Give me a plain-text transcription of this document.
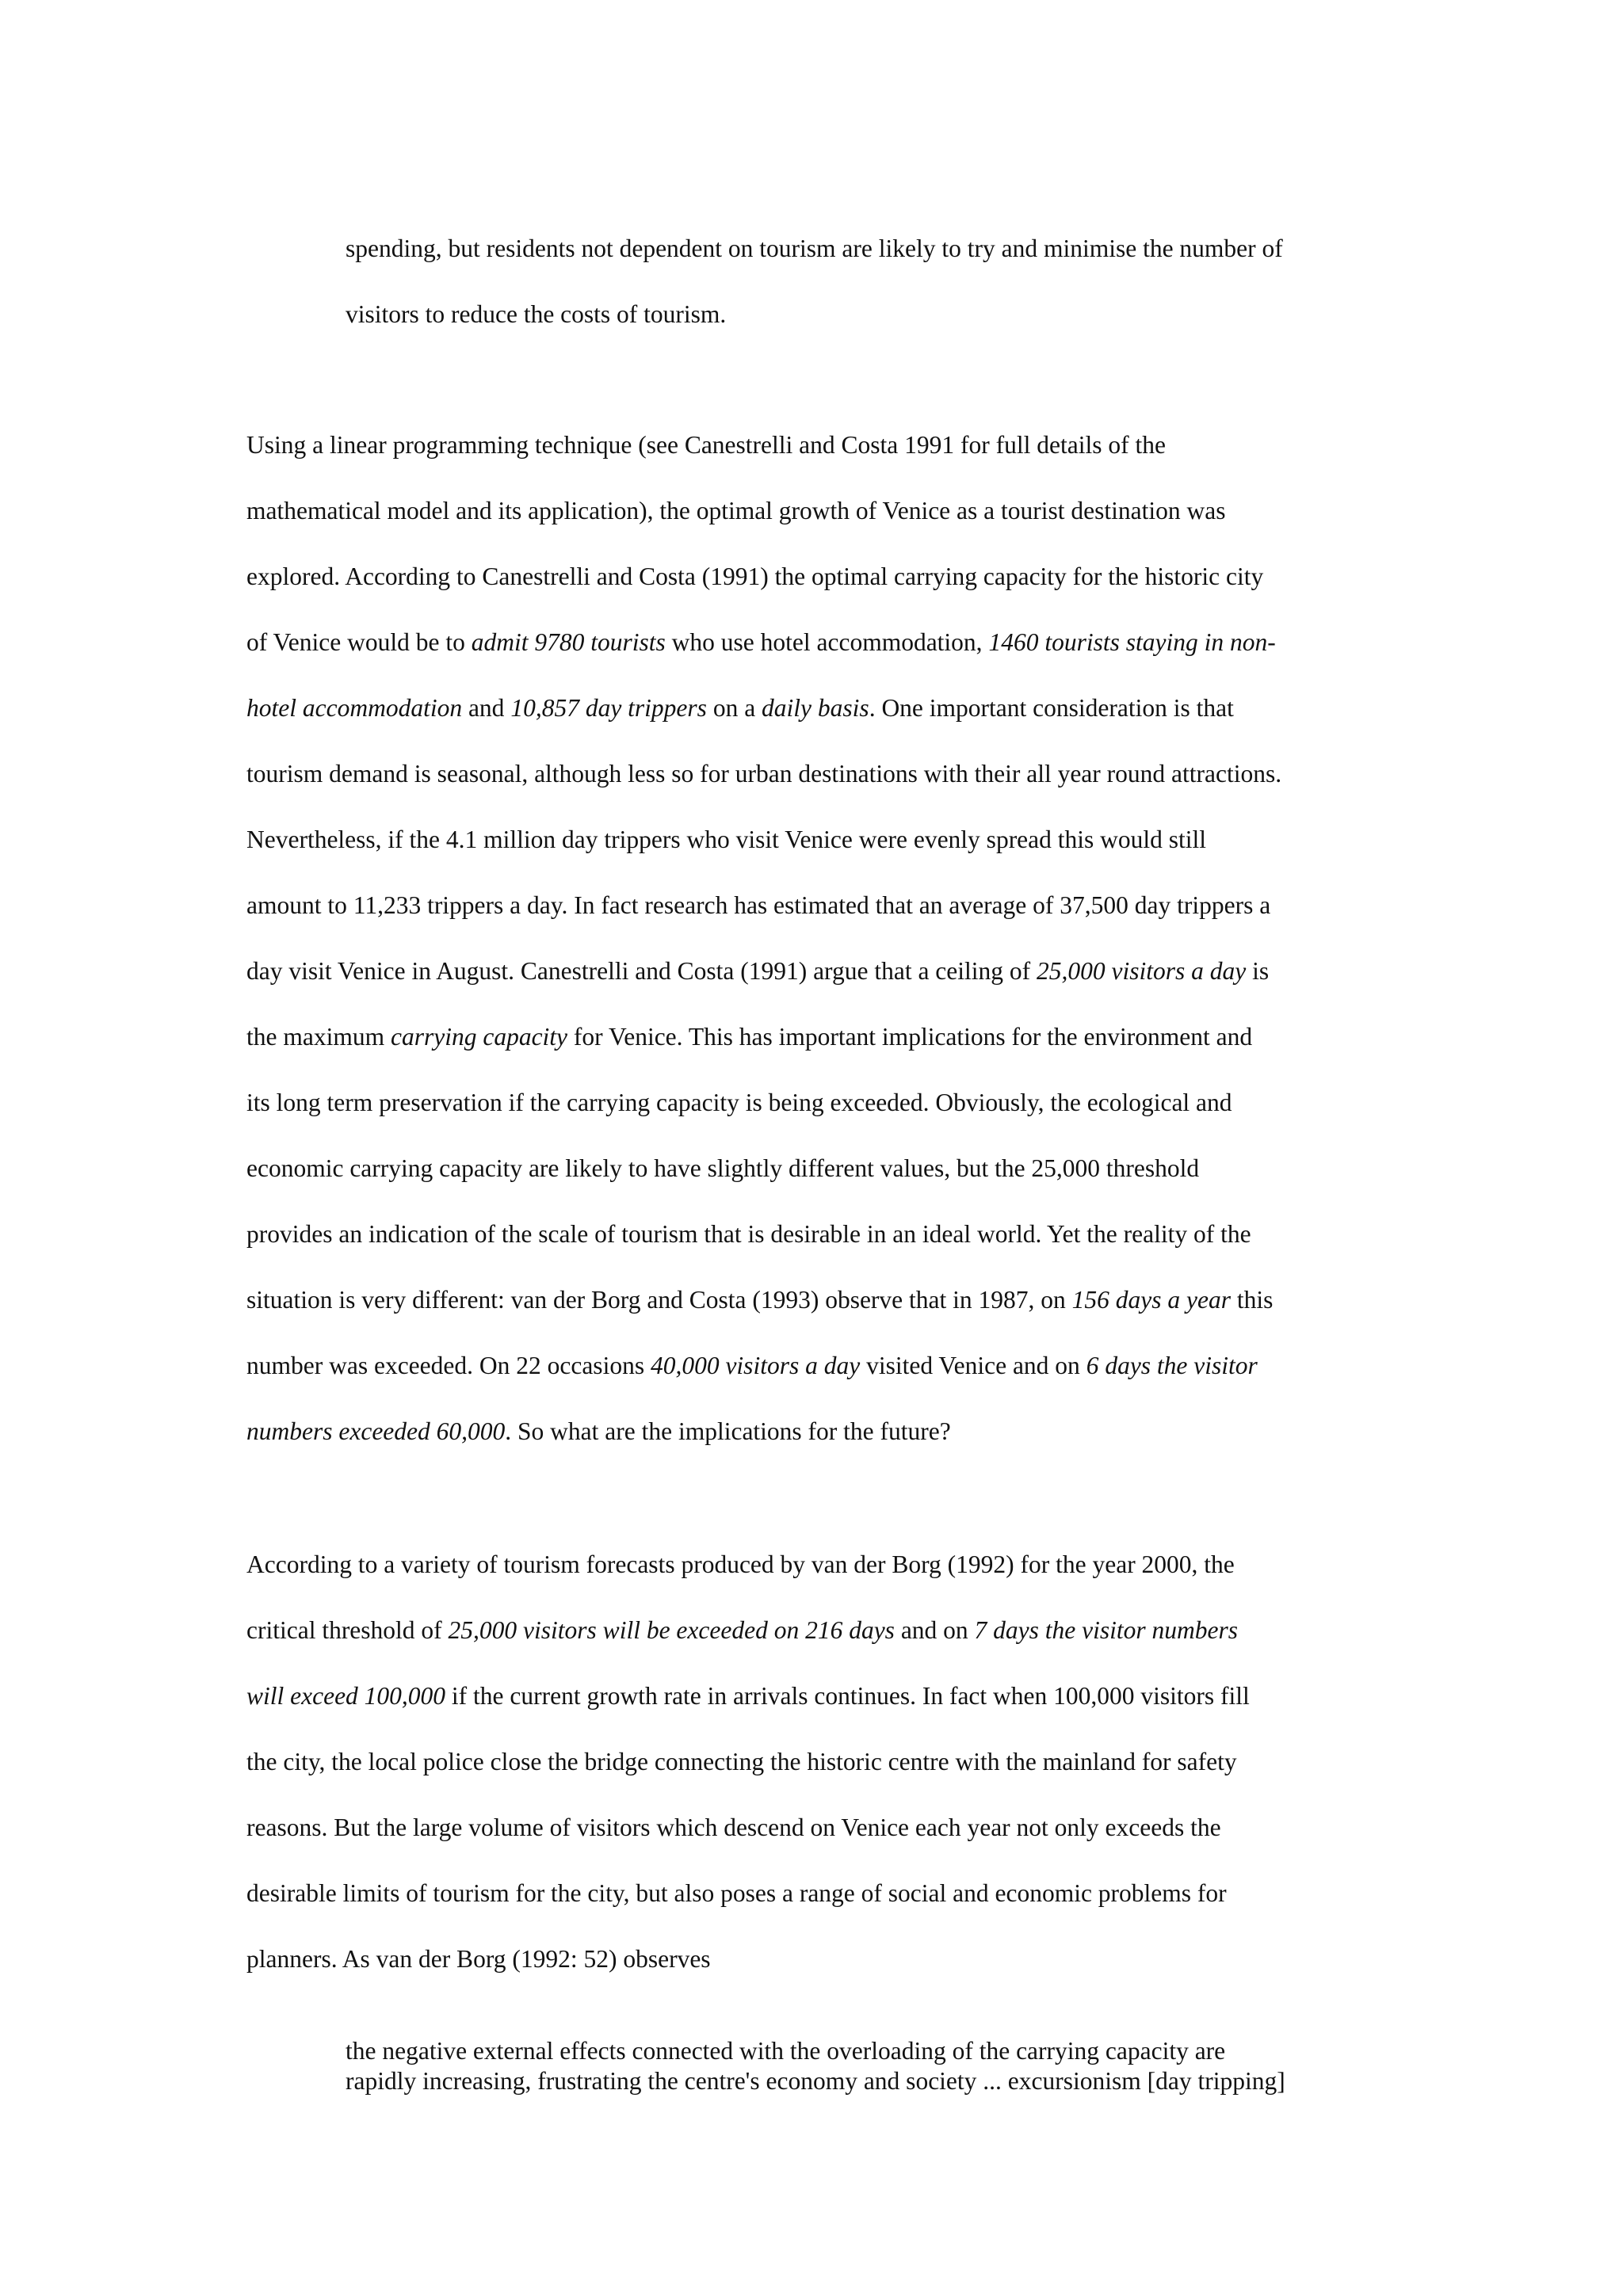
spending, but residents not dependent on tourism are likely to try and minimise the number of
visitors to reduce the costs of tourism.

Using a linear programming technique (see Canestrelli and Costa 1991 for full details of the
mathematical model and its application), the optimal growth of Venice as a tourist destination was
explored. According to Canestrelli and Costa (1991) the optimal carrying capacity for the historic city
of Venice would be to admit 9780 tourists who use hotel accommodation, 1460 tourists staying in non-
hotel accommodation and 10,857 day trippers on a daily basis. One important consideration is that
tourism demand is seasonal, although less so for urban destinations with their all year round attractions.
Nevertheless, if the 4.1 million day trippers who visit Venice were evenly spread this would still
amount to 11,233 trippers a day. In fact research has estimated that an average of 37,500 day trippers a
day visit Venice in August. Canestrelli and Costa (1991) argue that a ceiling of 25,000 visitors a day is
the maximum carrying capacity for Venice. This has important implications for the environment and
its long term preservation if the carrying capacity is being exceeded. Obviously, the ecological and
economic carrying capacity are likely to have slightly different values, but the 25,000 threshold
provides an indication of the scale of tourism that is desirable in an ideal world. Yet the reality of the
situation is very different: van der Borg and Costa (1993) observe that in 1987, on 156 days a year this
number was exceeded. On 22 occasions 40,000 visitors a day visited Venice and on 6 days the visitor
numbers exceeded 60,000. So what are the implications for the future?

According to a variety of tourism forecasts produced by van der Borg (1992) for the year 2000, the
critical threshold of 25,000 visitors will be exceeded on 216 days and on 7 days the visitor numbers
will exceed 100,000 if the current growth rate in arrivals continues. In fact when 100,000 visitors fill
the city, the local police close the bridge connecting the historic centre with the mainland for safety
reasons. But the large volume of visitors which descend on Venice each year not only exceeds the
desirable limits of tourism for the city, but also poses a range of social and economic problems for
planners. As van der Borg (1992: 52) observes

the negative external effects connected with the overloading of the carrying capacity are
rapidly increasing, frustrating the centre's economy and society ... excursionism [day tripping]
